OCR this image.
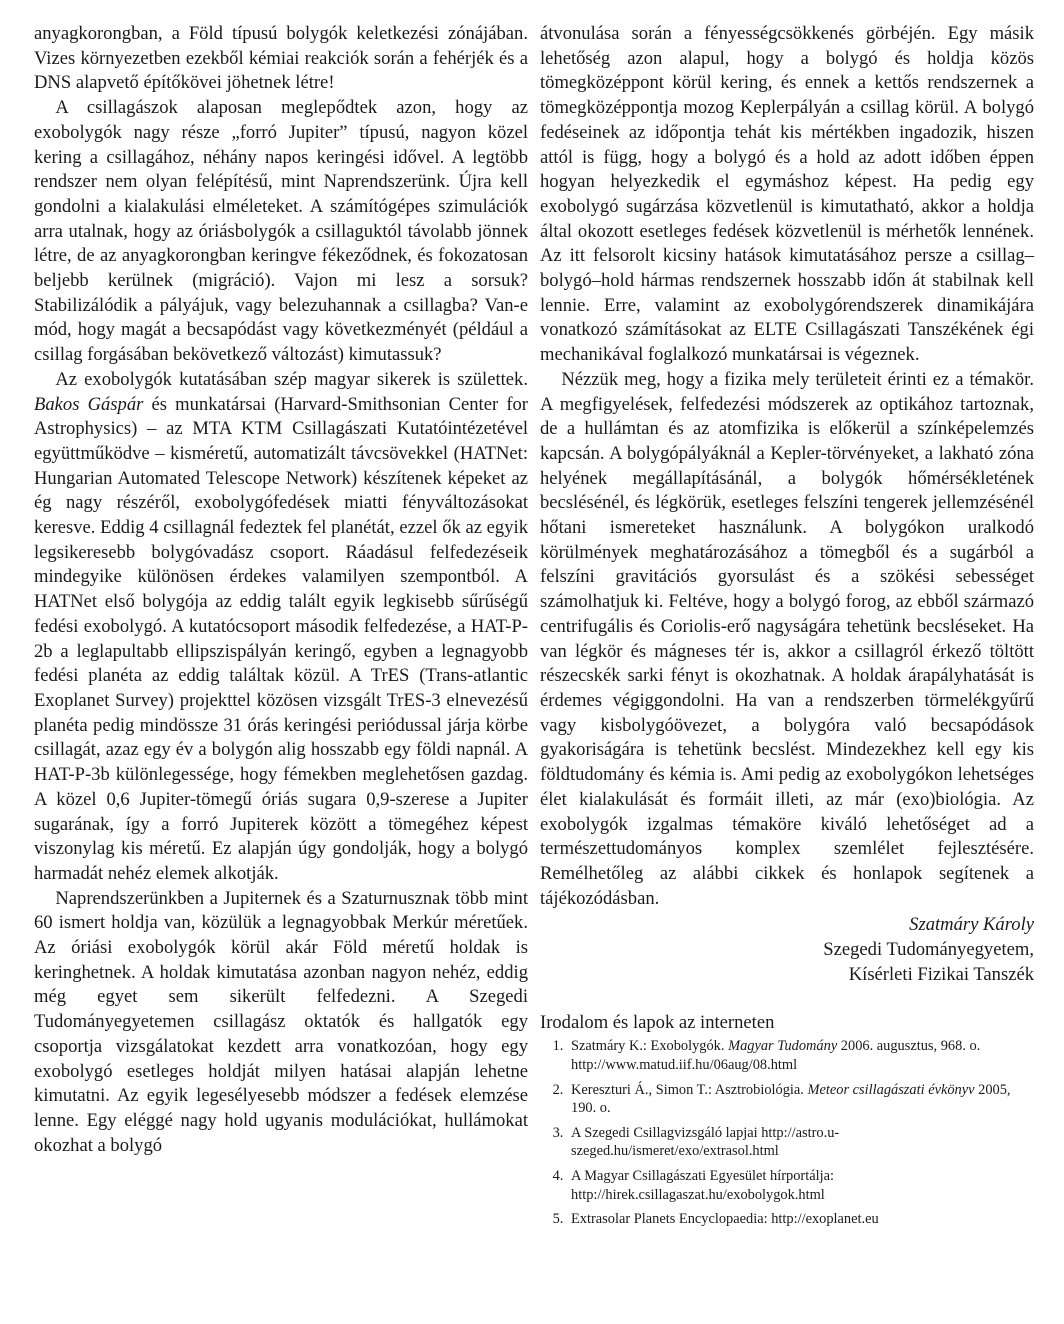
anyagkorongban, a Föld típusú bolygók keletkezési zónájában. Vizes környezetben ezekből kémiai reakciók során a fehérjék és a DNS alapvető építőkövei jöhetnek létre!

A csillagászok alaposan meglepődtek azon, hogy az exobolygók nagy része „forró Jupiter” típusú, nagyon közel kering a csillagához, néhány napos keringési idővel. A legtöbb rendszer nem olyan felépítésű, mint Naprendszerünk. Újra kell gondolni a kialakulási elméleteket. A számítógépes szimulációk arra utalnak, hogy az óriásbolygók a csillaguktól távolabb jönnek létre, de az anyagkorongban keringve fékeződnek, és fokozatosan beljebb kerülnek (migráció). Vajon mi lesz a sorsuk? Stabilizálódik a pályájuk, vagy belezuhannak a csillagba? Van-e mód, hogy magát a becsapódást vagy következményét (például a csillag forgásában bekövetkező változást) kimutassuk?

Az exobolygók kutatásában szép magyar sikerek is születtek. Bakos Gáspár és munkatársai (Harvard-Smithsonian Center for Astrophysics) – az MTA KTM Csillagászati Kutatóintézetével együttműködve – kisméretű, automatizált távcsövekkel (HATNet: Hungarian Automated Telescope Network) készítenek képeket az ég nagy részéről, exobolygófedések miatti fényváltozásokat keresve. Eddig 4 csillagnál fedeztek fel planétát, ezzel ők az egyik legsikeresebb bolygóvadász csoport. Ráadásul felfedezéseik mindegyike különösen érdekes valamilyen szempontból. A HATNet első bolygója az eddig talált egyik legkisebb sűrűségű fedési exobolygó. A kutatócsoport második felfedezése, a HAT-P-2b a leglapultabb ellipszispályán keringő, egyben a legnagyobb fedési planéta az eddig találtak közül. A TrES (Trans-atlantic Exoplanet Survey) projekttel közösen vizsgált TrES-3 elnevezésű planéta pedig mindössze 31 órás keringési periódussal járja körbe csillagát, azaz egy év a bolygón alig hosszabb egy földi napnál. A HAT-P-3b különlegessége, hogy fémekben meglehetősen gazdag. A közel 0,6 Jupiter-tömegű óriás sugara 0,9-szerese a Jupiter sugarának, így a forró Jupiterek között a tömegéhez képest viszonylag kis méretű. Ez alapján úgy gondolják, hogy a bolygó harmadát nehéz elemek alkotják.

Naprendszerünkben a Jupiternek és a Szaturnusznak több mint 60 ismert holdja van, közülük a legnagyobbak Merkúr méretűek. Az óriási exobolygók körül akár Föld méretű holdak is keringhetnek. A holdak kimutatása azonban nagyon nehéz, eddig még egyet sem sikerült felfedezni. A Szegedi Tudományegyetemen csillagász oktatók és hallgatók egy csoportja vizsgálatokat kezdett arra vonatkozóan, hogy egy exobolygó esetleges holdját milyen hatásai alapján lehetne kimutatni. Az egyik legesélyesebb módszer a fedések elemzése lenne. Egy eléggé nagy hold ugyanis modulációkat, hullámokat okozhat a bolygó

átvonulása során a fényességcsökkenés görbéjén. Egy másik lehetőség azon alapul, hogy a bolygó és holdja közös tömegközéppont körül kering, és ennek a kettős rendszernek a tömegközéppontja mozog Keplerpályán a csillag körül. A bolygó fedéseinek az időpontja tehát kis mértékben ingadozik, hiszen attól is függ, hogy a bolygó és a hold az adott időben éppen hogyan helyezkedik el egymáshoz képest. Ha pedig egy exobolygó sugárzása közvetlenül is kimutatható, akkor a holdja által okozott esetleges fedések közvetlenül is mérhetők lennének. Az itt felsorolt kicsiny hatások kimutatásához persze a csillag–bolygó–hold hármas rendszernek hosszabb időn át stabilnak kell lennie. Erre, valamint az exobolygórendszerek dinamikájára vonatkozó számításokat az ELTE Csillagászati Tanszékének égi mechanikával foglalkozó munkatársai is végeznek.

Nézzük meg, hogy a fizika mely területeit érinti ez a témakör. A megfigyelések, felfedezési módszerek az optikához tartoznak, de a hullámtan és az atomfizika is előkerül a színképelemzés kapcsán. A bolygópályáknál a Kepler-törvényeket, a lakható zóna helyének megállapításánál, a bolygók hőmérsékletének becslésénél, és légkörük, esetleges felszíni tengerek jellemzésénél hőtani ismereteket használunk. A bolygókon uralkodó körülmények meghatározásához a tömegből és a sugárból a felszíni gravitációs gyorsulást és a szökési sebességet számolhatjuk ki. Feltéve, hogy a bolygó forog, az ebből származó centrifugális és Coriolis-erő nagyságára tehetünk becsléseket. Ha van légkör és mágneses tér is, akkor a csillagról érkező töltött részecskék sarki fényt is okozhatnak. A holdak árapályhatását is érdemes végiggondolni. Ha van a rendszerben törmelékgyűrű vagy kisbolygóövezet, a bolygóra való becsapódások gyakoriságára is tehetünk becslést. Mindezekhez kell egy kis földtudomány és kémia is. Ami pedig az exobolygókon lehetséges élet kialakulását és formáit illeti, az már (exo)biológia. Az exobolygók izgalmas témaköre kiváló lehetőséget ad a természettudományos komplex szemlélet fejlesztésére. Remélhetőleg az alábbi cikkek és honlapok segítenek a tájékozódásban.

Szatmáry Károly
Szegedi Tudományegyetem,
Kísérleti Fizikai Tanszék
Irodalom és lapok az interneten
1. Szatmáry K.: Exobolygók. Magyar Tudomány 2006. augusztus, 968. o. http://www.matud.iif.hu/06aug/08.html
2. Kereszturi Á., Simon T.: Asztrobiológia. Meteor csillagászati évkönyv 2005, 190. o.
3. A Szegedi Csillagvizsgáló lapjai http://astro.u-szeged.hu/ismeret/exo/extrasol.html
4. A Magyar Csillagászati Egyesület hírportálja: http://hirek.csillagaszat.hu/exobolygok.html
5. Extrasolar Planets Encyclopaedia: http://exoplanet.eu
